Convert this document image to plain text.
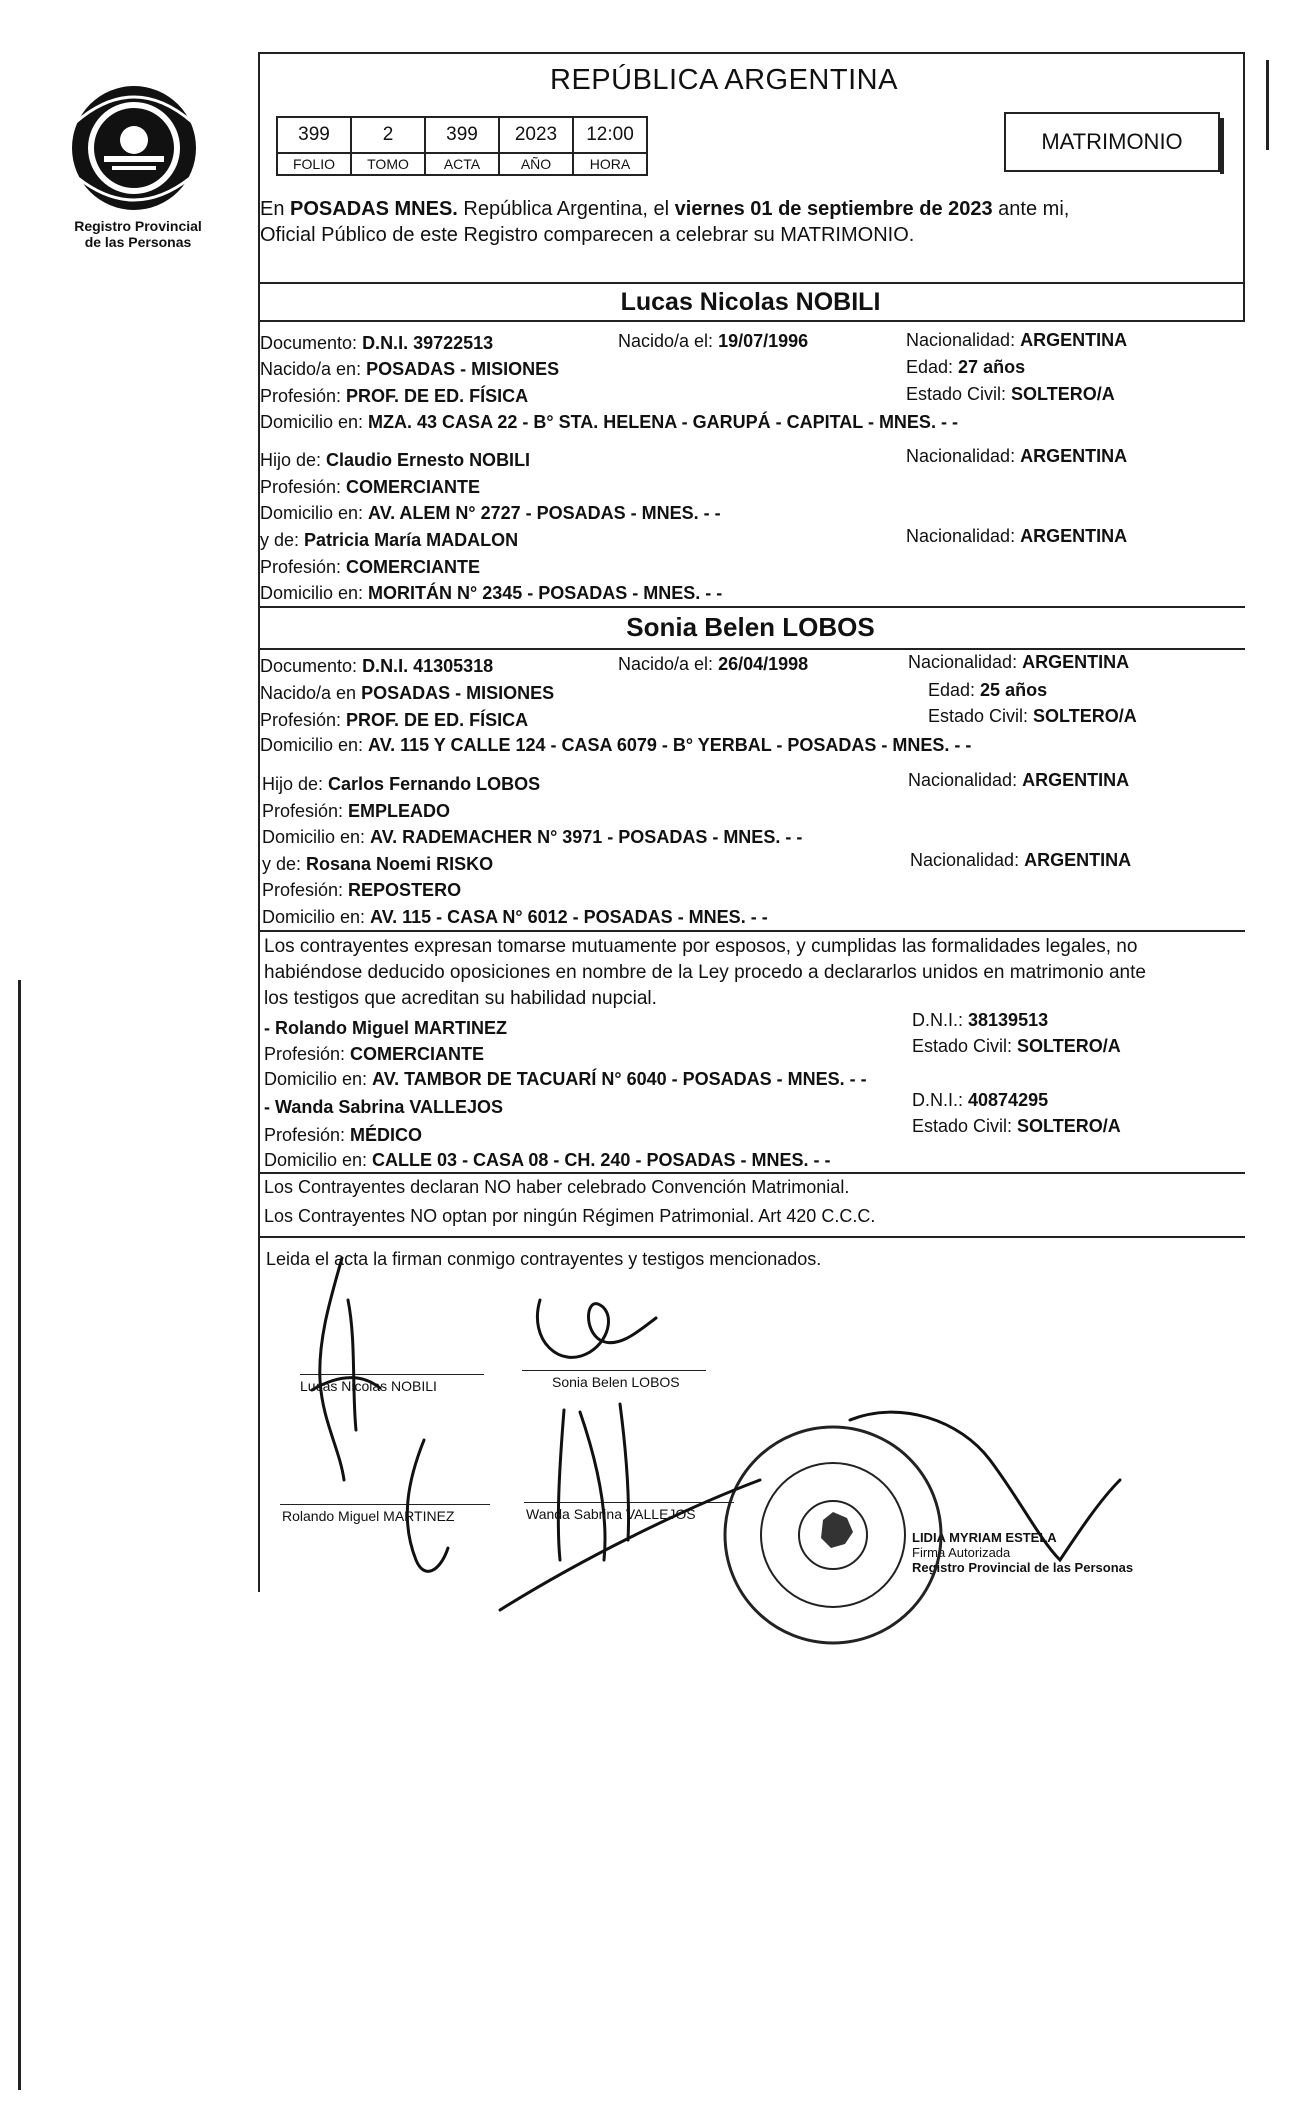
Registro Provincial
de las Personas
REPÚBLICA ARGENTINA
399	2	399	2023	12:00
FOLIO	TOMO	ACTA	AÑO	HORA
MATRIMONIO
En POSADAS MNES. República Argentina, el viernes 01 de septiembre de 2023 ante mi,
Oficial Público de este Registro comparecen a celebrar su MATRIMONIO.
Lucas Nicolas NOBILI
Documento: D.N.I. 39722513	Nacido/a el: 19/07/1996	Nacionalidad: ARGENTINA
Nacido/a en: POSADAS - MISIONES	Edad: 27 años
Profesión: PROF. DE ED. FÍSICA	Estado Civil: SOLTERO/A
Domicilio en: MZA. 43 CASA 22 - B° STA. HELENA - GARUPÁ - CAPITAL - MNES. - -
Hijo de: Claudio Ernesto NOBILI	Nacionalidad: ARGENTINA
Profesión: COMERCIANTE
Domicilio en: AV. ALEM N° 2727 - POSADAS - MNES. - -
y de: Patricia María MADALON	Nacionalidad: ARGENTINA
Profesión: COMERCIANTE
Domicilio en: MORITÁN N° 2345 - POSADAS - MNES. - -
Sonia Belen LOBOS
Documento: D.N.I. 41305318	Nacido/a el: 26/04/1998	Nacionalidad: ARGENTINA
Nacido/a en POSADAS - MISIONES	Edad: 25 años
Profesión: PROF. DE ED. FÍSICA	Estado Civil: SOLTERO/A
Domicilio en: AV. 115 Y CALLE 124 - CASA 6079 - B° YERBAL - POSADAS - MNES. - -
Hijo de: Carlos Fernando LOBOS	Nacionalidad: ARGENTINA
Profesión: EMPLEADO
Domicilio en: AV. RADEMACHER N° 3971 - POSADAS - MNES. - -
y de: Rosana Noemi RISKO	Nacionalidad: ARGENTINA
Profesión: REPOSTERO
Domicilio en: AV. 115 - CASA N° 6012 - POSADAS - MNES. - -
Los contrayentes expresan tomarse mutuamente por esposos, y cumplidas las formalidades legales, no
habiéndose deducido oposiciones en nombre de la Ley procedo a declararlos unidos en matrimonio ante
los testigos que acreditan su habilidad nupcial.
- Rolando Miguel MARTINEZ	D.N.I.: 38139513
Profesión: COMERCIANTE	Estado Civil: SOLTERO/A
Domicilio en: AV. TAMBOR DE TACUARÍ N° 6040 - POSADAS - MNES. - -
- Wanda Sabrina VALLEJOS	D.N.I.: 40874295
Profesión: MÉDICO	Estado Civil: SOLTERO/A
Domicilio en: CALLE 03 - CASA 08 - CH. 240 - POSADAS - MNES. - -
Los Contrayentes declaran NO haber celebrado Convención Matrimonial.
Los Contrayentes NO optan por ningún Régimen Patrimonial. Art 420 C.C.C.
Leida el acta la firman conmigo contrayentes y testigos mencionados.
Lucas Nicolas NOBILI	Sonia Belen LOBOS
Rolando Miguel MARTINEZ	Wanda Sabrina VALLEJOS
LIDIA MYRIAM ESTELA
Firma Autorizada
Registro Provincial de las Personas
